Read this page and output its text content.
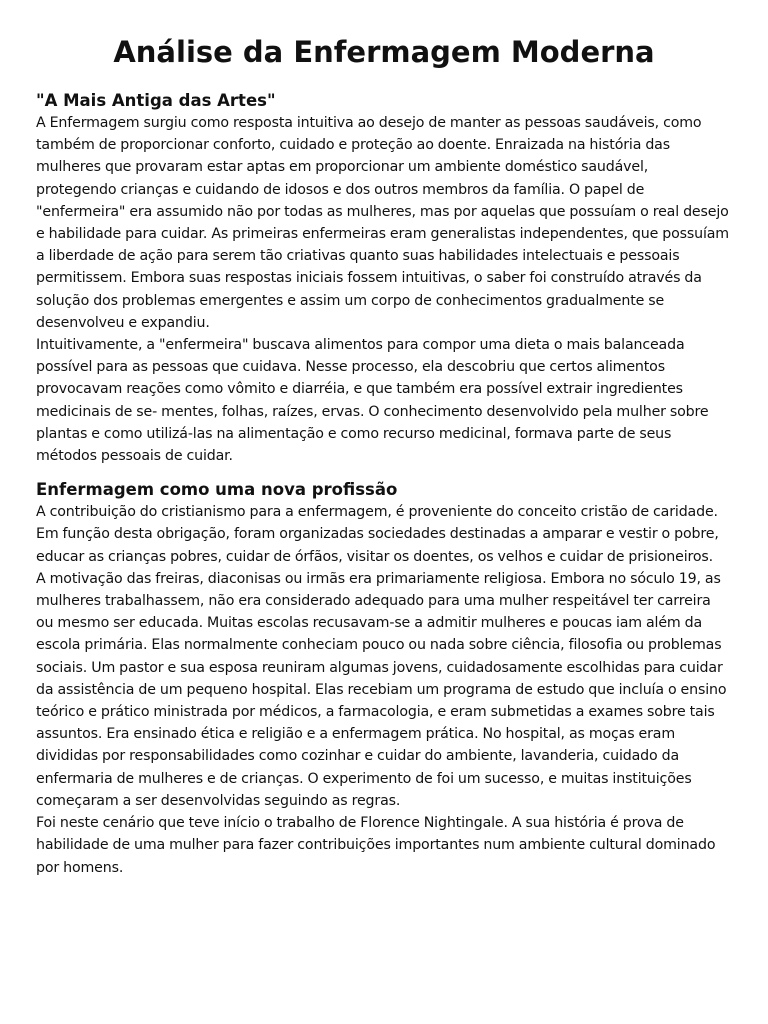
Análise da Enfermagem Moderna
"A Mais Antiga das Artes"

A Enfermagem surgiu como resposta intuitiva ao desejo de manter as pessoas saudáveis, como também de proporcionar conforto, cuidado e proteção ao doente. Enraizada na história das mulheres que provaram estar aptas em proporcionar um ambiente doméstico saudável, protegendo crianças e cuidando de idosos e dos outros membros da família. O papel de "enfermeira" era assumido não por todas as mulheres, mas por aquelas que possuíam o real desejo e habilidade para cuidar. As primeiras enfermeiras eram generalistas independentes, que possuíam a liberdade de ação para serem tão criativas quanto suas habilidades intelectuais e pessoais permitissem. Embora suas respostas iniciais fossem intuitivas, o saber foi construído através da solução dos problemas emergentes e assim um corpo de conhecimentos gradualmente se desenvolveu e expandiu.

Intuitivamente, a "enfermeira" buscava alimentos para compor uma dieta o mais balanceada possível para as pessoas que cuidava. Nesse processo, ela descobriu que certos alimentos provocavam reações como vômito e diarréia, e que também era possível extrair ingredientes medicinais de se- mentes, folhas, raízes, ervas. O conhecimento desenvolvido pela mulher sobre plantas e como utilizá-las na alimentação e como recurso medicinal, formava parte de seus métodos pessoais de cuidar.

Enfermagem como uma nova profissão

A contribuição do cristianismo para a enfermagem, é proveniente do conceito cristão de caridade. Em função desta obrigação, foram organizadas sociedades destinadas a amparar e vestir o pobre, educar as crianças pobres, cuidar de órfãos, visitar os doentes, os velhos e cuidar de prisioneiros.

A motivação das freiras, diaconisas ou irmãs era primariamente religiosa. Embora no sóculo 19, as mulheres trabalhassem, não era considerado adequado para uma mulher respeitável ter carreira ou mesmo ser educada. Muitas escolas recusavam-se a admitir mulheres e poucas iam além da escola primária. Elas normalmente conheciam pouco ou nada sobre ciência, filosofia ou problemas sociais. Um pastor e sua esposa reuniram algumas jovens, cuidadosamente escolhidas para cuidar da assistência de um pequeno hospital. Elas recebiam um programa de estudo que incluía o ensino teórico e prático ministrada por médicos, a farmacologia, e eram submetidas a exames sobre tais assuntos. Era ensinado ética e religião e a enfermagem prática. No hospital, as moças eram divididas por responsabilidades como cozinhar e cuidar do ambiente, lavanderia, cuidado da enfermaria de mulheres e de crianças. O experimento de foi um sucesso, e muitas instituições começaram a ser desenvolvidas seguindo as regras.

Foi neste cenário que teve início o trabalho de Florence Nightingale. A sua história é prova de habilidade de uma mulher para fazer contribuições importantes num ambiente cultural dominado por homens.
